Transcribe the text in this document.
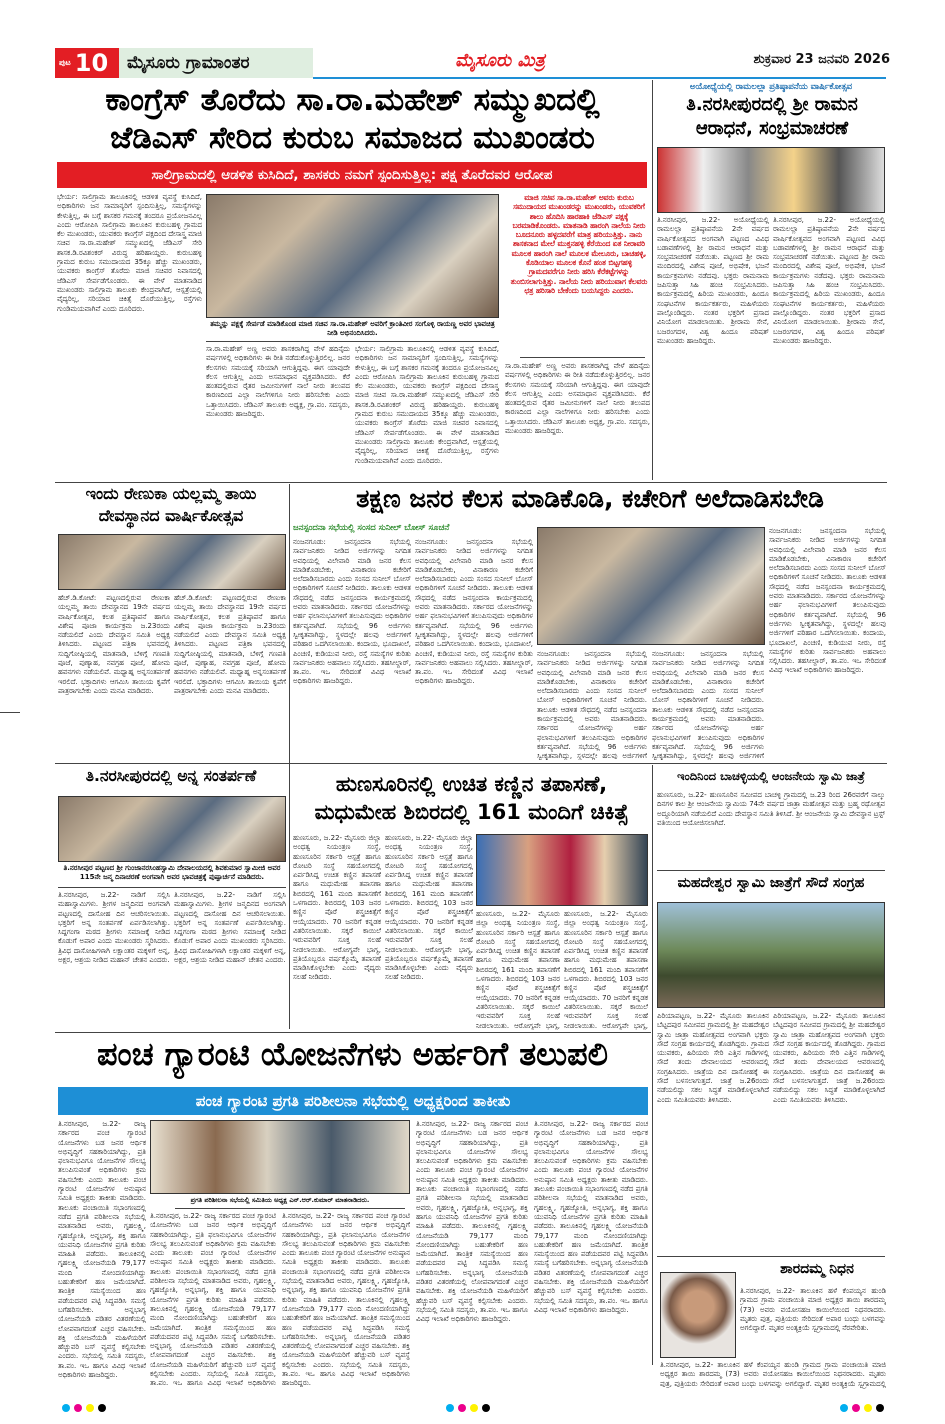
ಪುಟ 10	ಮೈಸೂರು ಗ್ರಾಮಾಂತರ	ಮೈಸೂರು ಮಿತ್ರ	ಶುಕ್ರವಾರ 23 ಜನವರಿ 2026
ಕಾಂಗ್ರೆಸ್ ತೊರೆದು ಸಾ.ರಾ.ಮಹೇಶ್ ಸಮ್ಮುಖದಲ್ಲಿ
ಜೆಡಿಎಸ್ ಸೇರಿದ ಕುರುಬ ಸಮಾಜದ ಮುಖಂಡರು
ಸಾಲಿಗ್ರಾಮದಲ್ಲಿ ಆಡಳಿತ ಕುಸಿದಿದೆ, ಶಾಸಕರು ನಮಗೆ ಸ್ಪಂದಿಸುತ್ತಿಲ್ಲ: ಪಕ್ಷ ತೊರೆದವರ ಆರೋಪ
ಭೇರ್ಯ: ಸಾಲಿಗ್ರಾಮ ತಾಲೂಕಿನಲ್ಲಿ ಆಡಳಿತ ವ್ಯವಸ್ಥೆ ಕುಸಿದಿದೆ, ಅಧಿಕಾರಿಗಳು ಜನ ಸಾಮಾನ್ಯರಿಗೆ ಸ್ಪಂದಿಸುತ್ತಿಲ್ಲ, ಸಮಸ್ಯೆಗಳನ್ನು ಕೇಳುತ್ತಿಲ್ಲ, ಈ ಬಗ್ಗೆ ಶಾಸಕರ ಗಮನಕ್ಕೆ ತಂದರೂ ಪ್ರಯೋಜನವಿಲ್ಲ ಎಂದು ಆರೋಪಿಸಿ ಸಾಲಿಗ್ರಾಮ ತಾಲೂಕಿನ ಕುರುಬಹಳ್ಳಿ ಗ್ರಾಮದ ಕೆಲ ಮುಖಂಡರು, ಯುವಕರು ಕಾಂಗ್ರೆಸ್ ಪಕ್ಷದಿಂದ ದೇಸಾಸ್ತ್ರ ಮಾಜಿ ಸಚಿವ ಸಾ.ರಾ.ಮಹೇಶ್ ಸಮ್ಮುಖದಲ್ಲಿ ಜೆಡಿಎಸ್ ಸೇರಿ ಶಾಸಕ.ಡಿ.ರವಿಶಂಕರ್ ವಿರುದ್ಧ ಹರಿಹಾಯ್ದರು. ಕುರುಬಹಳ್ಳಿ ಗ್ರಾಮದ ಕುರುಬ ಸಮುದಾಯದ 35ಕ್ಕೂ ಹೆಚ್ಚು ಮುಖಂಡರು, ಯುವಕರು ಕಾಂಗ್ರೆಸ್ ತೊರೆದು ಮಾಜಿ ಸಚಿವರ ನಿವಾಸದಲ್ಲಿ ಜೆಡಿಎಸ್ ಸೇರ್ಪಡೆಗೊಂಡರು. ಈ ವೇಳೆ ಮಾತನಾಡಿದ ಮುಖಂಡರು ಸಾಲಿಗ್ರಾಮ ತಾಲೂಕು ಕೇಂದ್ರವಾಗಿದೆ, ಆಸ್ಪತ್ರೆಯಲ್ಲಿ ವೈದ್ಯರಿಲ್ಲ, ಸರಿಯಾದ ಚಿಕಿತ್ಸೆ ದೊರೆಯುತ್ತಿಲ್ಲ, ರಸ್ತೆಗಳು ಗುಂಡಿಮಯವಾಗಿವೆ ಎಂದು ದೂರಿದರು.
ತಮ್ಮನ್ನು ಪಕ್ಷಕ್ಕೆ ಸೇರ್ಪಡೆ ಮಾಡಿಕೊಂಡ ಮಾಜಿ ಸಚಿವ ಸಾ.ರಾ.ಮಹೇಶ್ ಅವರಿಗೆ ಕ್ರಾಂತಿವೀರ ಸಂಗೊಳ್ಳಿ ರಾಯಣ್ಣ ಅವರ ಭಾವಚಿತ್ರ ನೀಡಿ ಅಭಿನಂದಿಸಿದರು.
ಸಾ.ರಾ.ಮಹೇಶ್ ಅಣ್ಣ ಅವರು ಶಾಸಕರಾಗಿದ್ದ ವೇಳೆ ಹದಿನೈದು ವರ್ಷಗಳಲ್ಲಿ ಅಧಿಕಾರಿಗಳು ಈ ರೀತಿ ನಡೆದುಕೊಳ್ಳುತ್ತಿರಲಿಲ್ಲ. ಜನರ ಕೆಲಸಗಳು ಸಮಯಕ್ಕೆ ಸರಿಯಾಗಿ ಆಗುತ್ತಿದ್ದವು. ಈಗ ಯಾವುದೇ ಕೆಲಸ ಆಗುತ್ತಿಲ್ಲ ಎಂದು ಅಸಮಾಧಾನ ವ್ಯಕ್ತಪಡಿಸಿದರು. ಕೆರೆ ಹಂತದಲ್ಲಿರುವ ರೈತರ ಜಮೀನುಗಳಿಗೆ ನಾಲೆ ನೀರು ತಲುಪದ ಕಾರಣದಿಂದ ಎಲ್ಲಾ ನಾಲೆಗಳಿಗೂ ನೀರು ಹರಿಸಬೇಕು ಎಂದು ಒತ್ತಾಯಿಸಿದರು. ಜೆಡಿಎಸ್ ತಾಲೂಕು ಅಧ್ಯಕ್ಷ, ಗ್ರಾ.ಪಂ. ಸದಸ್ಯರು, ಮುಖಂಡರು ಹಾಜರಿದ್ದರು.
ಭೇರ್ಯ: ಸಾಲಿಗ್ರಾಮ ತಾಲೂಕಿನಲ್ಲಿ ಆಡಳಿತ ವ್ಯವಸ್ಥೆ ಕುಸಿದಿದೆ, ಅಧಿಕಾರಿಗಳು ಜನ ಸಾಮಾನ್ಯರಿಗೆ ಸ್ಪಂದಿಸುತ್ತಿಲ್ಲ, ಸಮಸ್ಯೆಗಳನ್ನು ಕೇಳುತ್ತಿಲ್ಲ, ಈ ಬಗ್ಗೆ ಶಾಸಕರ ಗಮನಕ್ಕೆ ತಂದರೂ ಪ್ರಯೋಜನವಿಲ್ಲ ಎಂದು ಆರೋಪಿಸಿ ಸಾಲಿಗ್ರಾಮ ತಾಲೂಕಿನ ಕುರುಬಹಳ್ಳಿ ಗ್ರಾಮದ ಕೆಲ ಮುಖಂಡರು, ಯುವಕರು ಕಾಂಗ್ರೆಸ್ ಪಕ್ಷದಿಂದ ದೇಸಾಸ್ತ್ರ ಮಾಜಿ ಸಚಿವ ಸಾ.ರಾ.ಮಹೇಶ್ ಸಮ್ಮುಖದಲ್ಲಿ ಜೆಡಿಎಸ್ ಸೇರಿ ಶಾಸಕ.ಡಿ.ರವಿಶಂಕರ್ ವಿರುದ್ಧ ಹರಿಹಾಯ್ದರು. ಕುರುಬಹಳ್ಳಿ ಗ್ರಾಮದ ಕುರುಬ ಸಮುದಾಯದ 35ಕ್ಕೂ ಹೆಚ್ಚು ಮುಖಂಡರು, ಯುವಕರು ಕಾಂಗ್ರೆಸ್ ತೊರೆದು ಮಾಜಿ ಸಚಿವರ ನಿವಾಸದಲ್ಲಿ ಜೆಡಿಎಸ್ ಸೇರ್ಪಡೆಗೊಂಡರು. ಈ ವೇಳೆ ಮಾತನಾಡಿದ ಮುಖಂಡರು ಸಾಲಿಗ್ರಾಮ ತಾಲೂಕು ಕೇಂದ್ರವಾಗಿದೆ, ಆಸ್ಪತ್ರೆಯಲ್ಲಿ ವೈದ್ಯರಿಲ್ಲ, ಸರಿಯಾದ ಚಿಕಿತ್ಸೆ ದೊರೆಯುತ್ತಿಲ್ಲ, ರಸ್ತೆಗಳು ಗುಂಡಿಮಯವಾಗಿವೆ ಎಂದು ದೂರಿದರು.
ಮಾಜಿ ಸಚಿವ ಸಾ.ರಾ.ಮಹೇಶ್ ಅವರು ಕುರುಬ ಸಮುದಾಯದ ಮುಖಂಡರನ್ನು ಮುಖಂಡರು, ಯುವಕರಿಗೆ ಶಾಲು ಹೊದಿಸಿ ಹಾರಹಾಕಿ ಜೆಡಿಎಸ್ ಪಕ್ಷಕ್ಕೆ ಬರಮಾಡಿಕೊಂಡರು. ಮಾತನಾಡಿ ಹಾರಂಗಿ ನಾಲೆಯ ನೀರು ಬೂದನೂರು ಹಳ್ಳದವರೆಗೆ ಮಾತ್ರ ಹರಿಯುತ್ತಿತ್ತು. ನಾನು ಶಾಸಕನಾದ ಮೇಲೆ ಮುಕ್ತನಹಳ್ಳಿ ಕೆರೆಯಿಂದ ಏತ ನೀರಾವರಿ ಮೂಲಕ ಹಾರಂಗಿ ನಾಲೆ ಮೂಲಕ ಮೇಲೂರು, ಬಾಚಹಳ್ಳಿ, ಕೊಡಿಯಾಲ ಮೂಲಕ ಕೊನೆ ಹಂತ ಬಿಟ್ಟಗಹಳ್ಳಿ ಗ್ರಾಮದವರೆಗೂ ನೀರು ಹರಿಸಿ ಕೆರೆಕಟ್ಟೆಗಳನ್ನು ತುಂಬಿಸಲಾಗುತ್ತಿತ್ತು. ನಾಲೆಯ ನೀರು ಹರಿಯುವಾಗ ಕೆಲವರು ಛತ್ರ ಹರಿಸಾರಿ ಬೇಕೆಂದು ಬಯಸಿದ್ದರು ಎಂದರು.
ಸಾ.ರಾ.ಮಹೇಶ್ ಅಣ್ಣ ಅವರು ಶಾಸಕರಾಗಿದ್ದ ವೇಳೆ ಹದಿನೈದು ವರ್ಷಗಳಲ್ಲಿ ಅಧಿಕಾರಿಗಳು ಈ ರೀತಿ ನಡೆದುಕೊಳ್ಳುತ್ತಿರಲಿಲ್ಲ. ಜನರ ಕೆಲಸಗಳು ಸಮಯಕ್ಕೆ ಸರಿಯಾಗಿ ಆಗುತ್ತಿದ್ದವು. ಈಗ ಯಾವುದೇ ಕೆಲಸ ಆಗುತ್ತಿಲ್ಲ ಎಂದು ಅಸಮಾಧಾನ ವ್ಯಕ್ತಪಡಿಸಿದರು. ಕೆರೆ ಹಂತದಲ್ಲಿರುವ ರೈತರ ಜಮೀನುಗಳಿಗೆ ನಾಲೆ ನೀರು ತಲುಪದ ಕಾರಣದಿಂದ ಎಲ್ಲಾ ನಾಲೆಗಳಿಗೂ ನೀರು ಹರಿಸಬೇಕು ಎಂದು ಒತ್ತಾಯಿಸಿದರು. ಜೆಡಿಎಸ್ ತಾಲೂಕು ಅಧ್ಯಕ್ಷ, ಗ್ರಾ.ಪಂ. ಸದಸ್ಯರು, ಮುಖಂಡರು ಹಾಜರಿದ್ದರು.
ಅಯೋಧ್ಯೆಯಲ್ಲಿ ರಾಮಲಲ್ಲಾ ಪ್ರತಿಷ್ಠಾಪನೆಯ ವಾರ್ಷಿಕೋತ್ಸವ
ತಿ.ನರಸೀಪುರದಲ್ಲಿ ಶ್ರೀ ರಾಮನ
ಆರಾಧನೆ, ಸಂಭ್ರಮಾಚರಣೆ
ತಿ.ನರಸೀಪುರ, ಜ.22- ಅಯೋಧ್ಯೆಯಲ್ಲಿ ರಾಮಲಲ್ಲಾ ಪ್ರತಿಷ್ಠಾಪನೆಯ 2ನೇ ವರ್ಷದ ವಾರ್ಷಿಕೋತ್ಸವದ ಅಂಗವಾಗಿ ಪಟ್ಟಣದ ವಿವಿಧ ಬಡಾವಣೆಗಳಲ್ಲಿ ಶ್ರೀ ರಾಮನ ಆರಾಧನೆ ಮತ್ತು ಸಂಭ್ರಮಾಚರಣೆ ನಡೆಯಿತು. ಪಟ್ಟಣದ ಶ್ರೀ ರಾಮ ಮಂದಿರದಲ್ಲಿ ವಿಶೇಷ ಪೂಜೆ, ಅಭಿಷೇಕ, ಭಜನೆ ಕಾರ್ಯಕ್ರಮಗಳು ನಡೆದವು. ಭಕ್ತರು ರಾಮನಾಮ ಜಪಿಸುತ್ತಾ ಸಿಹಿ ಹಂಚಿ ಸಂಭ್ರಮಿಸಿದರು. ಕಾರ್ಯಕ್ರಮದಲ್ಲಿ ಹಿರಿಯ ಮುಖಂಡರು, ಹಿಂದೂ ಸಂಘಟನೆಗಳ ಕಾರ್ಯಕರ್ತರು, ಮಹಿಳೆಯರು ಪಾಲ್ಗೊಂಡಿದ್ದರು. ನಂತರ ಭಕ್ತರಿಗೆ ಪ್ರಸಾದ ವಿನಿಯೋಗ ಮಾಡಲಾಯಿತು. ಶ್ರೀರಾಮ ಸೇನೆ, ಬಜರಂಗದಳ, ವಿಶ್ವ ಹಿಂದೂ ಪರಿಷತ್ ಮುಖಂಡರು ಹಾಜರಿದ್ದರು.
ತಿ.ನರಸೀಪುರ, ಜ.22- ಅಯೋಧ್ಯೆಯಲ್ಲಿ ರಾಮಲಲ್ಲಾ ಪ್ರತಿಷ್ಠಾಪನೆಯ 2ನೇ ವರ್ಷದ ವಾರ್ಷಿಕೋತ್ಸವದ ಅಂಗವಾಗಿ ಪಟ್ಟಣದ ವಿವಿಧ ಬಡಾವಣೆಗಳಲ್ಲಿ ಶ್ರೀ ರಾಮನ ಆರಾಧನೆ ಮತ್ತು ಸಂಭ್ರಮಾಚರಣೆ ನಡೆಯಿತು. ಪಟ್ಟಣದ ಶ್ರೀ ರಾಮ ಮಂದಿರದಲ್ಲಿ ವಿಶೇಷ ಪೂಜೆ, ಅಭಿಷೇಕ, ಭಜನೆ ಕಾರ್ಯಕ್ರಮಗಳು ನಡೆದವು. ಭಕ್ತರು ರಾಮನಾಮ ಜಪಿಸುತ್ತಾ ಸಿಹಿ ಹಂಚಿ ಸಂಭ್ರಮಿಸಿದರು. ಕಾರ್ಯಕ್ರಮದಲ್ಲಿ ಹಿರಿಯ ಮುಖಂಡರು, ಹಿಂದೂ ಸಂಘಟನೆಗಳ ಕಾರ್ಯಕರ್ತರು, ಮಹಿಳೆಯರು ಪಾಲ್ಗೊಂಡಿದ್ದರು. ನಂತರ ಭಕ್ತರಿಗೆ ಪ್ರಸಾದ ವಿನಿಯೋಗ ಮಾಡಲಾಯಿತು. ಶ್ರೀರಾಮ ಸೇನೆ, ಬಜರಂಗದಳ, ವಿಶ್ವ ಹಿಂದೂ ಪರಿಷತ್ ಮುಖಂಡರು ಹಾಜರಿದ್ದರು.
ಇಂದು ರೇಣುಕಾ ಯಲ್ಲಮ್ಮ ತಾಯಿ
ದೇವಸ್ಥಾನದ ವಾರ್ಷಿಕೋತ್ಸವ
ಹೆಚ್.ಡಿ.ಕೋಟೆ: ಪಟ್ಟಣದಲ್ಲಿರುವ ರೇಣುಕಾ ಯಲ್ಲಮ್ಮ ತಾಯಿ ದೇವಸ್ಥಾನದ 19ನೇ ವರ್ಷದ ವಾರ್ಷಿಕೋತ್ಸವ, ಕಲಶ ಪ್ರತಿಷ್ಠಾಪನೆ ಹಾಗೂ ವಿಶೇಷ ಪೂಜಾ ಕಾರ್ಯಕ್ರಮ ಜ.23ರಂದು ನಡೆಯಲಿದೆ ಎಂದು ದೇವಸ್ಥಾನ ಸಮಿತಿ ಅಧ್ಯಕ್ಷ ತಿಳಿಸಿದರು. ಪಟ್ಟಣದ ಪತ್ರಿಕಾ ಭವನದಲ್ಲಿ ಸುದ್ದಿಗೋಷ್ಠಿಯಲ್ಲಿ ಮಾತನಾಡಿ, ಬೆಳಿಗ್ಗೆ ಗಣಪತಿ ಪೂಜೆ, ಪುಣ್ಯಾಹ, ನವಗ್ರಹ ಪೂಜೆ, ಹೋಮ ಹವನಗಳು ನಡೆಯಲಿವೆ. ಮಧ್ಯಾಹ್ನ ಅನ್ನಸಂತರ್ಪಣೆ ಇರಲಿದೆ. ಭಕ್ತಾದಿಗಳು ಆಗಮಿಸಿ ತಾಯಿಯ ಕೃಪೆಗೆ ಪಾತ್ರರಾಗಬೇಕು ಎಂದು ಮನವಿ ಮಾಡಿದರು.
ಹೆಚ್.ಡಿ.ಕೋಟೆ: ಪಟ್ಟಣದಲ್ಲಿರುವ ರೇಣುಕಾ ಯಲ್ಲಮ್ಮ ತಾಯಿ ದೇವಸ್ಥಾನದ 19ನೇ ವರ್ಷದ ವಾರ್ಷಿಕೋತ್ಸವ, ಕಲಶ ಪ್ರತಿಷ್ಠಾಪನೆ ಹಾಗೂ ವಿಶೇಷ ಪೂಜಾ ಕಾರ್ಯಕ್ರಮ ಜ.23ರಂದು ನಡೆಯಲಿದೆ ಎಂದು ದೇವಸ್ಥಾನ ಸಮಿತಿ ಅಧ್ಯಕ್ಷ ತಿಳಿಸಿದರು. ಪಟ್ಟಣದ ಪತ್ರಿಕಾ ಭವನದಲ್ಲಿ ಸುದ್ದಿಗೋಷ್ಠಿಯಲ್ಲಿ ಮಾತನಾಡಿ, ಬೆಳಿಗ್ಗೆ ಗಣಪತಿ ಪೂಜೆ, ಪುಣ್ಯಾಹ, ನವಗ್ರಹ ಪೂಜೆ, ಹೋಮ ಹವನಗಳು ನಡೆಯಲಿವೆ. ಮಧ್ಯಾಹ್ನ ಅನ್ನಸಂತರ್ಪಣೆ ಇರಲಿದೆ. ಭಕ್ತಾದಿಗಳು ಆಗಮಿಸಿ ತಾಯಿಯ ಕೃಪೆಗೆ ಪಾತ್ರರಾಗಬೇಕು ಎಂದು ಮನವಿ ಮಾಡಿದರು.
ತಕ್ಷಣ ಜನರ ಕೆಲಸ ಮಾಡಿಕೊಡಿ, ಕಚೇರಿಗೆ ಅಲೆದಾಡಿಸಬೇಡಿ
ಜನಸ್ಪಂದನಾ ಸಭೆಯಲ್ಲಿ ಸಂಸದ ಸುನೀಲ್ ಬೋಸ್ ಸೂಚನೆ
ನಂಜನಗೂಡು: ಜನಸ್ಪಂದನಾ ಸಭೆಯಲ್ಲಿ ಸಾರ್ವಜನಿಕರು ನೀಡಿದ ಅರ್ಜಿಗಳನ್ನು ನಿಗದಿತ ಅವಧಿಯಲ್ಲಿ ವಿಲೇವಾರಿ ಮಾಡಿ ಜನರ ಕೆಲಸ ಮಾಡಿಕೊಡಬೇಕು, ವಿನಾಕಾರಣ ಕಚೇರಿಗೆ ಅಲೆದಾಡಿಸಬಾರದು ಎಂದು ಸಂಸದ ಸುನೀಲ್ ಬೋಸ್ ಅಧಿಕಾರಿಗಳಿಗೆ ಸೂಚನೆ ನೀಡಿದರು. ತಾಲೂಕು ಆಡಳಿತ ಸೌಧದಲ್ಲಿ ನಡೆದ ಜನಸ್ಪಂದನಾ ಕಾರ್ಯಕ್ರಮದಲ್ಲಿ ಅವರು ಮಾತನಾಡಿದರು. ಸರ್ಕಾರದ ಯೋಜನೆಗಳನ್ನು ಅರ್ಹ ಫಲಾನುಭವಿಗಳಿಗೆ ತಲುಪಿಸುವುದು ಅಧಿಕಾರಿಗಳ ಕರ್ತವ್ಯವಾಗಿದೆ. ಸಭೆಯಲ್ಲಿ 96 ಅರ್ಜಿಗಳು ಸ್ವೀಕೃತವಾಗಿದ್ದು, ಸ್ಥಳದಲ್ಲೇ ಹಲವು ಅರ್ಜಿಗಳಿಗೆ ಪರಿಹಾರ ಒದಗಿಸಲಾಯಿತು. ಕಂದಾಯ, ಭೂದಾಖಲೆ, ಪಿಂಚಣಿ, ಕುಡಿಯುವ ನೀರು, ರಸ್ತೆ ಸಮಸ್ಯೆಗಳ ಕುರಿತು ಸಾರ್ವಜನಿಕರು ಅಹವಾಲು ಸಲ್ಲಿಸಿದರು. ತಹಸೀಲ್ದಾರ್, ತಾ.ಪಂ. ಇಒ ಸೇರಿದಂತೆ ವಿವಿಧ ಇಲಾಖೆ ಅಧಿಕಾರಿಗಳು ಹಾಜರಿದ್ದರು.
ನಂಜನಗೂಡು: ಜನಸ್ಪಂದನಾ ಸಭೆಯಲ್ಲಿ ಸಾರ್ವಜನಿಕರು ನೀಡಿದ ಅರ್ಜಿಗಳನ್ನು ನಿಗದಿತ ಅವಧಿಯಲ್ಲಿ ವಿಲೇವಾರಿ ಮಾಡಿ ಜನರ ಕೆಲಸ ಮಾಡಿಕೊಡಬೇಕು, ವಿನಾಕಾರಣ ಕಚೇರಿಗೆ ಅಲೆದಾಡಿಸಬಾರದು ಎಂದು ಸಂಸದ ಸುನೀಲ್ ಬೋಸ್ ಅಧಿಕಾರಿಗಳಿಗೆ ಸೂಚನೆ ನೀಡಿದರು. ತಾಲೂಕು ಆಡಳಿತ ಸೌಧದಲ್ಲಿ ನಡೆದ ಜನಸ್ಪಂದನಾ ಕಾರ್ಯಕ್ರಮದಲ್ಲಿ ಅವರು ಮಾತನಾಡಿದರು. ಸರ್ಕಾರದ ಯೋಜನೆಗಳನ್ನು ಅರ್ಹ ಫಲಾನುಭವಿಗಳಿಗೆ ತಲುಪಿಸುವುದು ಅಧಿಕಾರಿಗಳ ಕರ್ತವ್ಯವಾಗಿದೆ. ಸಭೆಯಲ್ಲಿ 96 ಅರ್ಜಿಗಳು ಸ್ವೀಕೃತವಾಗಿದ್ದು, ಸ್ಥಳದಲ್ಲೇ ಹಲವು ಅರ್ಜಿಗಳಿಗೆ ಪರಿಹಾರ ಒದಗಿಸಲಾಯಿತು. ಕಂದಾಯ, ಭೂದಾಖಲೆ, ಪಿಂಚಣಿ, ಕುಡಿಯುವ ನೀರು, ರಸ್ತೆ ಸಮಸ್ಯೆಗಳ ಕುರಿತು ಸಾರ್ವಜನಿಕರು ಅಹವಾಲು ಸಲ್ಲಿಸಿದರು. ತಹಸೀಲ್ದಾರ್, ತಾ.ಪಂ. ಇಒ ಸೇರಿದಂತೆ ವಿವಿಧ ಇಲಾಖೆ ಅಧಿಕಾರಿಗಳು ಹಾಜರಿದ್ದರು.
ನಂಜನಗೂಡು: ಜನಸ್ಪಂದನಾ ಸಭೆಯಲ್ಲಿ ಸಾರ್ವಜನಿಕರು ನೀಡಿದ ಅರ್ಜಿಗಳನ್ನು ನಿಗದಿತ ಅವಧಿಯಲ್ಲಿ ವಿಲೇವಾರಿ ಮಾಡಿ ಜನರ ಕೆಲಸ ಮಾಡಿಕೊಡಬೇಕು, ವಿನಾಕಾರಣ ಕಚೇರಿಗೆ ಅಲೆದಾಡಿಸಬಾರದು ಎಂದು ಸಂಸದ ಸುನೀಲ್ ಬೋಸ್ ಅಧಿಕಾರಿಗಳಿಗೆ ಸೂಚನೆ ನೀಡಿದರು. ತಾಲೂಕು ಆಡಳಿತ ಸೌಧದಲ್ಲಿ ನಡೆದ ಜನಸ್ಪಂದನಾ ಕಾರ್ಯಕ್ರಮದಲ್ಲಿ ಅವರು ಮಾತನಾಡಿದರು. ಸರ್ಕಾರದ ಯೋಜನೆಗಳನ್ನು ಅರ್ಹ ಫಲಾನುಭವಿಗಳಿಗೆ ತಲುಪಿಸುವುದು ಅಧಿಕಾರಿಗಳ ಕರ್ತವ್ಯವಾಗಿದೆ. ಸಭೆಯಲ್ಲಿ 96 ಅರ್ಜಿಗಳು ಸ್ವೀಕೃತವಾಗಿದ್ದು, ಸ್ಥಳದಲ್ಲೇ ಹಲವು ಅರ್ಜಿಗಳಿಗೆ
ನಂಜನಗೂಡು: ಜನಸ್ಪಂದನಾ ಸಭೆಯಲ್ಲಿ ಸಾರ್ವಜನಿಕರು ನೀಡಿದ ಅರ್ಜಿಗಳನ್ನು ನಿಗದಿತ ಅವಧಿಯಲ್ಲಿ ವಿಲೇವಾರಿ ಮಾಡಿ ಜನರ ಕೆಲಸ ಮಾಡಿಕೊಡಬೇಕು, ವಿನಾಕಾರಣ ಕಚೇರಿಗೆ ಅಲೆದಾಡಿಸಬಾರದು ಎಂದು ಸಂಸದ ಸುನೀಲ್ ಬೋಸ್ ಅಧಿಕಾರಿಗಳಿಗೆ ಸೂಚನೆ ನೀಡಿದರು. ತಾಲೂಕು ಆಡಳಿತ ಸೌಧದಲ್ಲಿ ನಡೆದ ಜನಸ್ಪಂದನಾ ಕಾರ್ಯಕ್ರಮದಲ್ಲಿ ಅವರು ಮಾತನಾಡಿದರು. ಸರ್ಕಾರದ ಯೋಜನೆಗಳನ್ನು ಅರ್ಹ ಫಲಾನುಭವಿಗಳಿಗೆ ತಲುಪಿಸುವುದು ಅಧಿಕಾರಿಗಳ ಕರ್ತವ್ಯವಾಗಿದೆ. ಸಭೆಯಲ್ಲಿ 96 ಅರ್ಜಿಗಳು ಸ್ವೀಕೃತವಾಗಿದ್ದು, ಸ್ಥಳದಲ್ಲೇ ಹಲವು ಅರ್ಜಿಗಳಿಗೆ
ನಂಜನಗೂಡು: ಜನಸ್ಪಂದನಾ ಸಭೆಯಲ್ಲಿ ಸಾರ್ವಜನಿಕರು ನೀಡಿದ ಅರ್ಜಿಗಳನ್ನು ನಿಗದಿತ ಅವಧಿಯಲ್ಲಿ ವಿಲೇವಾರಿ ಮಾಡಿ ಜನರ ಕೆಲಸ ಮಾಡಿಕೊಡಬೇಕು, ವಿನಾಕಾರಣ ಕಚೇರಿಗೆ ಅಲೆದಾಡಿಸಬಾರದು ಎಂದು ಸಂಸದ ಸುನೀಲ್ ಬೋಸ್ ಅಧಿಕಾರಿಗಳಿಗೆ ಸೂಚನೆ ನೀಡಿದರು. ತಾಲೂಕು ಆಡಳಿತ ಸೌಧದಲ್ಲಿ ನಡೆದ ಜನಸ್ಪಂದನಾ ಕಾರ್ಯಕ್ರಮದಲ್ಲಿ ಅವರು ಮಾತನಾಡಿದರು. ಸರ್ಕಾರದ ಯೋಜನೆಗಳನ್ನು ಅರ್ಹ ಫಲಾನುಭವಿಗಳಿಗೆ ತಲುಪಿಸುವುದು ಅಧಿಕಾರಿಗಳ ಕರ್ತವ್ಯವಾಗಿದೆ. ಸಭೆಯಲ್ಲಿ 96 ಅರ್ಜಿಗಳು ಸ್ವೀಕೃತವಾಗಿದ್ದು, ಸ್ಥಳದಲ್ಲೇ ಹಲವು ಅರ್ಜಿಗಳಿಗೆ ಪರಿಹಾರ ಒದಗಿಸಲಾಯಿತು. ಕಂದಾಯ, ಭೂದಾಖಲೆ, ಪಿಂಚಣಿ, ಕುಡಿಯುವ ನೀರು, ರಸ್ತೆ ಸಮಸ್ಯೆಗಳ ಕುರಿತು ಸಾರ್ವಜನಿಕರು ಅಹವಾಲು ಸಲ್ಲಿಸಿದರು. ತಹಸೀಲ್ದಾರ್, ತಾ.ಪಂ. ಇಒ ಸೇರಿದಂತೆ ವಿವಿಧ ಇಲಾಖೆ ಅಧಿಕಾರಿಗಳು ಹಾಜರಿದ್ದರು.
ತಿ.ನರಸೀಪುರದಲ್ಲಿ ಅನ್ನ ಸಂತರ್ಪಣೆ
ತಿ.ನರಸೀಪುರ ಪಟ್ಟಣದ ಶ್ರೀ ಗುಂಜಾನರಸಿಂಹಸ್ವಾಮಿ ದೇವಾಲಯದಲ್ಲಿ ಶಿವಕುಮಾರ ಸ್ವಾಮೀಜಿ ಅವರ 115ನೇ ಜನ್ಮ ದಿನಾಚರಣೆ ಅಂಗವಾಗಿ ಅವರ ಭಾವಚಿತ್ರಕ್ಕೆ ಪುಷ್ಪಾರ್ಚನೆ ಮಾಡಿದರು.
ತಿ.ನರಸೀಪುರ, ಜ.22- ನಾಡಿಗೆ ಸಲ್ಲಿಸಿ ಮಹಾಸ್ವಾಮಿಗಳು. ಶ್ರೀಗಳ ಜನ್ಮದಿನದ ಅಂಗವಾಗಿ ಪಟ್ಟಣದಲ್ಲಿ ದಾಸೋಹ ದಿನ ಆಚರಿಸಲಾಯಿತು. ಭಕ್ತರಿಗೆ ಅನ್ನ ಸಂತರ್ಪಣೆ ಏರ್ಪಡಿಸಲಾಗಿತ್ತು. ಸಿದ್ದಗಂಗಾ ಮಠದ ಶ್ರೀಗಳು ಸಮಾಜಕ್ಕೆ ನೀಡಿದ ಕೊಡುಗೆ ಅಪಾರ ಎಂದು ಮುಖಂಡರು ಸ್ಮರಿಸಿದರು. ತ್ರಿವಿಧ ದಾಸೋಹಿಗಳಾಗಿ ಲಕ್ಷಾಂತರ ಮಕ್ಕಳಿಗೆ ಅನ್ನ, ಅಕ್ಷರ, ಆಶ್ರಯ ನೀಡಿದ ಮಹಾನ್ ಚೇತನ ಎಂದರು.
ತಿ.ನರಸೀಪುರ, ಜ.22- ನಾಡಿಗೆ ಸಲ್ಲಿಸಿ ಮಹಾಸ್ವಾಮಿಗಳು. ಶ್ರೀಗಳ ಜನ್ಮದಿನದ ಅಂಗವಾಗಿ ಪಟ್ಟಣದಲ್ಲಿ ದಾಸೋಹ ದಿನ ಆಚರಿಸಲಾಯಿತು. ಭಕ್ತರಿಗೆ ಅನ್ನ ಸಂತರ್ಪಣೆ ಏರ್ಪಡಿಸಲಾಗಿತ್ತು. ಸಿದ್ದಗಂಗಾ ಮಠದ ಶ್ರೀಗಳು ಸಮಾಜಕ್ಕೆ ನೀಡಿದ ಕೊಡುಗೆ ಅಪಾರ ಎಂದು ಮುಖಂಡರು ಸ್ಮರಿಸಿದರು. ತ್ರಿವಿಧ ದಾಸೋಹಿಗಳಾಗಿ ಲಕ್ಷಾಂತರ ಮಕ್ಕಳಿಗೆ ಅನ್ನ, ಅಕ್ಷರ, ಆಶ್ರಯ ನೀಡಿದ ಮಹಾನ್ ಚೇತನ ಎಂದರು.
ಹುಣಸೂರಿನಲ್ಲಿ ಉಚಿತ ಕಣ್ಣಿನ ತಪಾಸಣೆ,
ಮಧುಮೇಹ ಶಿಬಿರದಲ್ಲಿ 161 ಮಂದಿಗೆ ಚಿಕಿತ್ಸೆ
ಹುಣಸೂರು, ಜ.22- ಮೈಸೂರು ಜಿಲ್ಲಾ ಅಂಧತ್ವ ನಿಯಂತ್ರಣ ಸಂಸ್ಥೆ, ಹುಣಸೂರಿನ ಸರ್ಕಾರಿ ಆಸ್ಪತ್ರೆ ಹಾಗೂ ರೋಟರಿ ಸಂಸ್ಥೆ ಸಹಯೋಗದಲ್ಲಿ ಏರ್ಪಡಿಸಿದ್ದ ಉಚಿತ ಕಣ್ಣಿನ ತಪಾಸಣೆ ಹಾಗೂ ಮಧುಮೇಹ ತಪಾಸಣಾ ಶಿಬಿರದಲ್ಲಿ 161 ಮಂದಿ ತಪಾಸಣೆಗೆ ಒಳಗಾದರು. ಶಿಬಿರದಲ್ಲಿ 103 ಜನರ ಕಣ್ಣಿನ ಪೊರೆ ಶಸ್ತ್ರಚಿಕಿತ್ಸೆಗೆ ಆಯ್ಕೆಯಾದರು. 70 ಜನರಿಗೆ ಕನ್ನಡಕ ವಿತರಿಸಲಾಯಿತು. ಸಕ್ಕರೆ ಕಾಯಿಲೆ ಇರುವವರಿಗೆ ಸೂಕ್ತ ಸಲಹೆ ನೀಡಲಾಯಿತು. ಆರೋಗ್ಯವೇ ಭಾಗ್ಯ, ಪ್ರತಿಯೊಬ್ಬರೂ ವರ್ಷಕ್ಕೊಮ್ಮೆ ತಪಾಸಣೆ ಮಾಡಿಸಿಕೊಳ್ಳಬೇಕು ಎಂದು ವೈದ್ಯರು ಸಲಹೆ ನೀಡಿದರು.
ಹುಣಸೂರು, ಜ.22- ಮೈಸೂರು ಜಿಲ್ಲಾ ಅಂಧತ್ವ ನಿಯಂತ್ರಣ ಸಂಸ್ಥೆ, ಹುಣಸೂರಿನ ಸರ್ಕಾರಿ ಆಸ್ಪತ್ರೆ ಹಾಗೂ ರೋಟರಿ ಸಂಸ್ಥೆ ಸಹಯೋಗದಲ್ಲಿ ಏರ್ಪಡಿಸಿದ್ದ ಉಚಿತ ಕಣ್ಣಿನ ತಪಾಸಣೆ ಹಾಗೂ ಮಧುಮೇಹ ತಪಾಸಣಾ ಶಿಬಿರದಲ್ಲಿ 161 ಮಂದಿ ತಪಾಸಣೆಗೆ ಒಳಗಾದರು. ಶಿಬಿರದಲ್ಲಿ 103 ಜನರ ಕಣ್ಣಿನ ಪೊರೆ ಶಸ್ತ್ರಚಿಕಿತ್ಸೆಗೆ ಆಯ್ಕೆಯಾದರು. 70 ಜನರಿಗೆ ಕನ್ನಡಕ ವಿತರಿಸಲಾಯಿತು. ಸಕ್ಕರೆ ಕಾಯಿಲೆ ಇರುವವರಿಗೆ ಸೂಕ್ತ ಸಲಹೆ ನೀಡಲಾಯಿತು. ಆರೋಗ್ಯವೇ ಭಾಗ್ಯ, ಪ್ರತಿಯೊಬ್ಬರೂ ವರ್ಷಕ್ಕೊಮ್ಮೆ ತಪಾಸಣೆ ಮಾಡಿಸಿಕೊಳ್ಳಬೇಕು ಎಂದು ವೈದ್ಯರು ಸಲಹೆ ನೀಡಿದರು.
ಹುಣಸೂರು, ಜ.22- ಮೈಸೂರು ಜಿಲ್ಲಾ ಅಂಧತ್ವ ನಿಯಂತ್ರಣ ಸಂಸ್ಥೆ, ಹುಣಸೂರಿನ ಸರ್ಕಾರಿ ಆಸ್ಪತ್ರೆ ಹಾಗೂ ರೋಟರಿ ಸಂಸ್ಥೆ ಸಹಯೋಗದಲ್ಲಿ ಏರ್ಪಡಿಸಿದ್ದ ಉಚಿತ ಕಣ್ಣಿನ ತಪಾಸಣೆ ಹಾಗೂ ಮಧುಮೇಹ ತಪಾಸಣಾ ಶಿಬಿರದಲ್ಲಿ 161 ಮಂದಿ ತಪಾಸಣೆಗೆ ಒಳಗಾದರು. ಶಿಬಿರದಲ್ಲಿ 103 ಜನರ ಕಣ್ಣಿನ ಪೊರೆ ಶಸ್ತ್ರಚಿಕಿತ್ಸೆಗೆ ಆಯ್ಕೆಯಾದರು. 70 ಜನರಿಗೆ ಕನ್ನಡಕ ವಿತರಿಸಲಾಯಿತು. ಸಕ್ಕರೆ ಕಾಯಿಲೆ ಇರುವವರಿಗೆ ಸೂಕ್ತ ಸಲಹೆ ನೀಡಲಾಯಿತು. ಆರೋಗ್ಯವೇ ಭಾಗ್ಯ,
ಹುಣಸೂರು, ಜ.22- ಮೈಸೂರು ಜಿಲ್ಲಾ ಅಂಧತ್ವ ನಿಯಂತ್ರಣ ಸಂಸ್ಥೆ, ಹುಣಸೂರಿನ ಸರ್ಕಾರಿ ಆಸ್ಪತ್ರೆ ಹಾಗೂ ರೋಟರಿ ಸಂಸ್ಥೆ ಸಹಯೋಗದಲ್ಲಿ ಏರ್ಪಡಿಸಿದ್ದ ಉಚಿತ ಕಣ್ಣಿನ ತಪಾಸಣೆ ಹಾಗೂ ಮಧುಮೇಹ ತಪಾಸಣಾ ಶಿಬಿರದಲ್ಲಿ 161 ಮಂದಿ ತಪಾಸಣೆಗೆ ಒಳಗಾದರು. ಶಿಬಿರದಲ್ಲಿ 103 ಜನರ ಕಣ್ಣಿನ ಪೊರೆ ಶಸ್ತ್ರಚಿಕಿತ್ಸೆಗೆ ಆಯ್ಕೆಯಾದರು. 70 ಜನರಿಗೆ ಕನ್ನಡಕ ವಿತರಿಸಲಾಯಿತು. ಸಕ್ಕರೆ ಕಾಯಿಲೆ ಇರುವವರಿಗೆ ಸೂಕ್ತ ಸಲಹೆ ನೀಡಲಾಯಿತು. ಆರೋಗ್ಯವೇ ಭಾಗ್ಯ,
ಇಂದಿನಿಂದ ಬಾಚಳ್ಳಿಯಲ್ಲಿ ಆಂಜನೇಯ ಸ್ವಾಮಿ ಜಾತ್ರೆ
ಹುಣಸೂರು, ಜ.22- ಹುಣಸೂರಿನ ಸಮೀಪದ ಬಾಚಳ್ಳಿ ಗ್ರಾಮದಲ್ಲಿ ಜ.23 ರಿಂದ 26ರವರೆಗೆ ನಾಲ್ಕು ದಿನಗಳ ಕಾಲ ಶ್ರೀ ಆಂಜನೇಯ ಸ್ವಾಮಿಯ 74ನೇ ವರ್ಷದ ಜಾತ್ರಾ ಮಹೋತ್ಸವ ಮತ್ತು ಬ್ರಹ್ಮ ರಥೋತ್ಸವ ಅದ್ದೂರಿಯಾಗಿ ನಡೆಯಲಿದೆ ಎಂದು ದೇವಸ್ಥಾನ ಸಮಿತಿ ತಿಳಿಸಿದೆ. ಶ್ರೀ ಆಂಜನೇಯ ಸ್ವಾಮಿ ದೇವಸ್ಥಾನ ಟ್ರಸ್ಟ್ ವತಿಯಿಂದ ಆಯೋಜಿಸಲಾಗಿದೆ.
ಮಹದೇಶ್ವರ ಸ್ವಾಮಿ ಜಾತ್ರೆಗೆ ಸೌದೆ ಸಂಗ್ರಹ
ಪಿರಿಯಾಪಟ್ಟಣ, ಜ.22- ಮೈಸೂರು ತಾಲೂಕಿನ ಬೆಟ್ಟದಪುರ ಸಮೀಪದ ಗ್ರಾಮದಲ್ಲಿ ಶ್ರೀ ಮಹದೇಶ್ವರ ಸ್ವಾಮಿ ಜಾತ್ರಾ ಮಹೋತ್ಸವದ ಅಂಗವಾಗಿ ಭಕ್ತರು ಸೌದೆ ಸಂಗ್ರಹ ಕಾರ್ಯದಲ್ಲಿ ತೊಡಗಿದ್ದರು. ಗ್ರಾಮದ ಯುವಕರು, ಹಿರಿಯರು ಸೇರಿ ಎತ್ತಿನ ಗಾಡಿಗಳಲ್ಲಿ ಸೌದೆ ತಂದು ದೇವಾಲಯದ ಆವರಣದಲ್ಲಿ ಸಂಗ್ರಹಿಸಿದರು. ಜಾತ್ರೆಯ ದಿನ ದಾಸೋಹಕ್ಕೆ ಈ ಸೌದೆ ಬಳಸಲಾಗುತ್ತದೆ. ಜಾತ್ರೆ ಜ.26ರಂದು ನಡೆಯಲಿದ್ದು ಸಕಲ ಸಿದ್ಧತೆ ಮಾಡಿಕೊಳ್ಳಲಾಗಿದೆ ಎಂದು ಸಮಿತಿಯವರು ತಿಳಿಸಿದರು.
ಪಿರಿಯಾಪಟ್ಟಣ, ಜ.22- ಮೈಸೂರು ತಾಲೂಕಿನ ಬೆಟ್ಟದಪುರ ಸಮೀಪದ ಗ್ರಾಮದಲ್ಲಿ ಶ್ರೀ ಮಹದೇಶ್ವರ ಸ್ವಾಮಿ ಜಾತ್ರಾ ಮಹೋತ್ಸವದ ಅಂಗವಾಗಿ ಭಕ್ತರು ಸೌದೆ ಸಂಗ್ರಹ ಕಾರ್ಯದಲ್ಲಿ ತೊಡಗಿದ್ದರು. ಗ್ರಾಮದ ಯುವಕರು, ಹಿರಿಯರು ಸೇರಿ ಎತ್ತಿನ ಗಾಡಿಗಳಲ್ಲಿ ಸೌದೆ ತಂದು ದೇವಾಲಯದ ಆವರಣದಲ್ಲಿ ಸಂಗ್ರಹಿಸಿದರು. ಜಾತ್ರೆಯ ದಿನ ದಾಸೋಹಕ್ಕೆ ಈ ಸೌದೆ ಬಳಸಲಾಗುತ್ತದೆ. ಜಾತ್ರೆ ಜ.26ರಂದು ನಡೆಯಲಿದ್ದು ಸಕಲ ಸಿದ್ಧತೆ ಮಾಡಿಕೊಳ್ಳಲಾಗಿದೆ ಎಂದು ಸಮಿತಿಯವರು ತಿಳಿಸಿದರು.
ಶಾರದಮ್ಮ ನಿಧನ
ತಿ.ನರಸೀಪುರ, ಜ.22- ತಾಲೂಕಿನ ಹಳೆ ಕೆಂಪಯ್ಯನ ಹುಂಡಿ ಗ್ರಾಮದ ಗ್ರಾಮ ಪಂಚಾಯಿತಿ ಮಾಜಿ ಅಧ್ಯಕ್ಷರ ತಾಯಿ ಶಾರದಮ್ಮ (73) ಅವರು ವಯೋಸಹಜ ಕಾಯಿಲೆಯಿಂದ ನಿಧನರಾದರು. ಮೃತರು ಪುತ್ರ, ಪುತ್ರಿಯರು ಸೇರಿದಂತೆ ಅಪಾರ ಬಂಧು ಬಳಗವನ್ನು ಅಗಲಿದ್ದಾರೆ. ಮೃತರ ಅಂತ್ಯಕ್ರಿಯೆ ಸ್ವಗ್ರಾಮದಲ್ಲಿ ನೆರವೇರಿತು.
ತಿ.ನರಸೀಪುರ, ಜ.22- ತಾಲೂಕಿನ ಹಳೆ ಕೆಂಪಯ್ಯನ ಹುಂಡಿ ಗ್ರಾಮದ ಗ್ರಾಮ ಪಂಚಾಯಿತಿ ಮಾಜಿ ಅಧ್ಯಕ್ಷರ ತಾಯಿ ಶಾರದಮ್ಮ (73) ಅವರು ವಯೋಸಹಜ ಕಾಯಿಲೆಯಿಂದ ನಿಧನರಾದರು. ಮೃತರು ಪುತ್ರ, ಪುತ್ರಿಯರು ಸೇರಿದಂತೆ ಅಪಾರ ಬಂಧು ಬಳಗವನ್ನು ಅಗಲಿದ್ದಾರೆ. ಮೃತರ ಅಂತ್ಯಕ್ರಿಯೆ ಸ್ವಗ್ರಾಮದಲ್ಲಿ
ಪಂಚ ಗ್ಯಾರಂಟಿ ಯೋಜನೆಗಳು ಅರ್ಹರಿಗೆ ತಲುಪಲಿ
ಪಂಚ ಗ್ಯಾರಂಟಿ ಪ್ರಗತಿ ಪರಿಶೀಲನಾ ಸಭೆಯಲ್ಲಿ ಅಧ್ಯಕ್ಷರಿಂದ ತಾಕೀತು
ತಿ.ನರಸೀಪುರ, ಜ.22- ರಾಜ್ಯ ಸರ್ಕಾರದ ಪಂಚ ಗ್ಯಾರಂಟಿ ಯೋಜನೆಗಳು ಬಡ ಜನರ ಆರ್ಥಿಕ ಅಭಿವೃದ್ಧಿಗೆ ಸಹಕಾರಿಯಾಗಿದ್ದು, ಪ್ರತಿ ಫಲಾನುಭವಿಗೂ ಯೋಜನೆಗಳ ಸೌಲಭ್ಯ ತಲುಪಿಸುವಂತೆ ಅಧಿಕಾರಿಗಳು ಕ್ರಮ ವಹಿಸಬೇಕು ಎಂದು ತಾಲೂಕು ಪಂಚ ಗ್ಯಾರಂಟಿ ಯೋಜನೆಗಳ ಅನುಷ್ಠಾನ ಸಮಿತಿ ಅಧ್ಯಕ್ಷರು ತಾಕೀತು ಮಾಡಿದರು. ತಾಲೂಕು ಪಂಚಾಯಿತಿ ಸಭಾಂಗಣದಲ್ಲಿ ನಡೆದ ಪ್ರಗತಿ ಪರಿಶೀಲನಾ ಸಭೆಯಲ್ಲಿ ಮಾತನಾಡಿದ ಅವರು, ಗೃಹಲಕ್ಷ್ಮಿ, ಗೃಹಜ್ಯೋತಿ, ಅನ್ನಭಾಗ್ಯ, ಶಕ್ತಿ ಹಾಗೂ ಯುವನಿಧಿ ಯೋಜನೆಗಳ ಪ್ರಗತಿ ಕುರಿತು ಮಾಹಿತಿ ಪಡೆದರು. ತಾಲೂಕಿನಲ್ಲಿ ಗೃಹಲಕ್ಷ್ಮಿ ಯೋಜನೆಯಡಿ 79,177 ಮಂದಿ ನೋಂದಣಿಯಾಗಿದ್ದು ಬಹುತೇಕರಿಗೆ ಹಣ ಜಮೆಯಾಗಿದೆ. ತಾಂತ್ರಿಕ ಸಮಸ್ಯೆಯಿಂದ ಹಣ ಪಡೆಯದವರ ಪಟ್ಟಿ ಸಿದ್ಧಪಡಿಸಿ ಸಮಸ್ಯೆ ಬಗೆಹರಿಸಬೇಕು. ಅನ್ನಭಾಗ್ಯ ಯೋಜನೆಯಡಿ ಪಡಿತರ ವಿತರಣೆಯಲ್ಲಿ ಲೋಪವಾಗದಂತೆ ಎಚ್ಚರ ವಹಿಸಬೇಕು. ಶಕ್ತಿ ಯೋಜನೆಯಡಿ ಮಹಿಳೆಯರಿಗೆ ಹೆಚ್ಚುವರಿ ಬಸ್ ವ್ಯವಸ್ಥೆ ಕಲ್ಪಿಸಬೇಕು ಎಂದರು. ಸಭೆಯಲ್ಲಿ ಸಮಿತಿ ಸದಸ್ಯರು, ತಾ.ಪಂ. ಇಒ ಹಾಗೂ ವಿವಿಧ ಇಲಾಖೆ ಅಧಿಕಾರಿಗಳು ಹಾಜರಿದ್ದರು.
ಪ್ರಗತಿ ಪರಿಶೀಲನಾ ಸಭೆಯಲ್ಲಿ ಸಮಿತಿಯ ಅಧ್ಯಕ್ಷ ಎನ್.ಆರ್.ಕುಮಾರ್ ಮಾತನಾಡಿದರು.
ತಿ.ನರಸೀಪುರ, ಜ.22- ರಾಜ್ಯ ಸರ್ಕಾರದ ಪಂಚ ಗ್ಯಾರಂಟಿ ಯೋಜನೆಗಳು ಬಡ ಜನರ ಆರ್ಥಿಕ ಅಭಿವೃದ್ಧಿಗೆ ಸಹಕಾರಿಯಾಗಿದ್ದು, ಪ್ರತಿ ಫಲಾನುಭವಿಗೂ ಯೋಜನೆಗಳ ಸೌಲಭ್ಯ ತಲುಪಿಸುವಂತೆ ಅಧಿಕಾರಿಗಳು ಕ್ರಮ ವಹಿಸಬೇಕು ಎಂದು ತಾಲೂಕು ಪಂಚ ಗ್ಯಾರಂಟಿ ಯೋಜನೆಗಳ ಅನುಷ್ಠಾನ ಸಮಿತಿ ಅಧ್ಯಕ್ಷರು ತಾಕೀತು ಮಾಡಿದರು. ತಾಲೂಕು ಪಂಚಾಯಿತಿ ಸಭಾಂಗಣದಲ್ಲಿ ನಡೆದ ಪ್ರಗತಿ ಪರಿಶೀಲನಾ ಸಭೆಯಲ್ಲಿ ಮಾತನಾಡಿದ ಅವರು, ಗೃಹಲಕ್ಷ್ಮಿ, ಗೃಹಜ್ಯೋತಿ, ಅನ್ನಭಾಗ್ಯ, ಶಕ್ತಿ ಹಾಗೂ ಯುವನಿಧಿ ಯೋಜನೆಗಳ ಪ್ರಗತಿ ಕುರಿತು ಮಾಹಿತಿ ಪಡೆದರು. ತಾಲೂಕಿನಲ್ಲಿ ಗೃಹಲಕ್ಷ್ಮಿ ಯೋಜನೆಯಡಿ 79,177 ಮಂದಿ ನೋಂದಣಿಯಾಗಿದ್ದು ಬಹುತೇಕರಿಗೆ ಹಣ ಜಮೆಯಾಗಿದೆ. ತಾಂತ್ರಿಕ ಸಮಸ್ಯೆಯಿಂದ ಹಣ ಪಡೆಯದವರ ಪಟ್ಟಿ ಸಿದ್ಧಪಡಿಸಿ ಸಮಸ್ಯೆ ಬಗೆಹರಿಸಬೇಕು. ಅನ್ನಭಾಗ್ಯ ಯೋಜನೆಯಡಿ ಪಡಿತರ ವಿತರಣೆಯಲ್ಲಿ ಲೋಪವಾಗದಂತೆ ಎಚ್ಚರ ವಹಿಸಬೇಕು. ಶಕ್ತಿ ಯೋಜನೆಯಡಿ ಮಹಿಳೆಯರಿಗೆ ಹೆಚ್ಚುವರಿ ಬಸ್ ವ್ಯವಸ್ಥೆ ಕಲ್ಪಿಸಬೇಕು ಎಂದರು. ಸಭೆಯಲ್ಲಿ ಸಮಿತಿ ಸದಸ್ಯರು, ತಾ.ಪಂ. ಇಒ ಹಾಗೂ ವಿವಿಧ ಇಲಾಖೆ ಅಧಿಕಾರಿಗಳು
ತಿ.ನರಸೀಪುರ, ಜ.22- ರಾಜ್ಯ ಸರ್ಕಾರದ ಪಂಚ ಗ್ಯಾರಂಟಿ ಯೋಜನೆಗಳು ಬಡ ಜನರ ಆರ್ಥಿಕ ಅಭಿವೃದ್ಧಿಗೆ ಸಹಕಾರಿಯಾಗಿದ್ದು, ಪ್ರತಿ ಫಲಾನುಭವಿಗೂ ಯೋಜನೆಗಳ ಸೌಲಭ್ಯ ತಲುಪಿಸುವಂತೆ ಅಧಿಕಾರಿಗಳು ಕ್ರಮ ವಹಿಸಬೇಕು ಎಂದು ತಾಲೂಕು ಪಂಚ ಗ್ಯಾರಂಟಿ ಯೋಜನೆಗಳ ಅನುಷ್ಠಾನ ಸಮಿತಿ ಅಧ್ಯಕ್ಷರು ತಾಕೀತು ಮಾಡಿದರು. ತಾಲೂಕು ಪಂಚಾಯಿತಿ ಸಭಾಂಗಣದಲ್ಲಿ ನಡೆದ ಪ್ರಗತಿ ಪರಿಶೀಲನಾ ಸಭೆಯಲ್ಲಿ ಮಾತನಾಡಿದ ಅವರು, ಗೃಹಲಕ್ಷ್ಮಿ, ಗೃಹಜ್ಯೋತಿ, ಅನ್ನಭಾಗ್ಯ, ಶಕ್ತಿ ಹಾಗೂ ಯುವನಿಧಿ ಯೋಜನೆಗಳ ಪ್ರಗತಿ ಕುರಿತು ಮಾಹಿತಿ ಪಡೆದರು. ತಾಲೂಕಿನಲ್ಲಿ ಗೃಹಲಕ್ಷ್ಮಿ ಯೋಜನೆಯಡಿ 79,177 ಮಂದಿ ನೋಂದಣಿಯಾಗಿದ್ದು ಬಹುತೇಕರಿಗೆ ಹಣ ಜಮೆಯಾಗಿದೆ. ತಾಂತ್ರಿಕ ಸಮಸ್ಯೆಯಿಂದ ಹಣ ಪಡೆಯದವರ ಪಟ್ಟಿ ಸಿದ್ಧಪಡಿಸಿ ಸಮಸ್ಯೆ ಬಗೆಹರಿಸಬೇಕು. ಅನ್ನಭಾಗ್ಯ ಯೋಜನೆಯಡಿ ಪಡಿತರ ವಿತರಣೆಯಲ್ಲಿ ಲೋಪವಾಗದಂತೆ ಎಚ್ಚರ ವಹಿಸಬೇಕು. ಶಕ್ತಿ ಯೋಜನೆಯಡಿ ಮಹಿಳೆಯರಿಗೆ ಹೆಚ್ಚುವರಿ ಬಸ್ ವ್ಯವಸ್ಥೆ ಕಲ್ಪಿಸಬೇಕು ಎಂದರು. ಸಭೆಯಲ್ಲಿ ಸಮಿತಿ ಸದಸ್ಯರು, ತಾ.ಪಂ. ಇಒ ಹಾಗೂ ವಿವಿಧ ಇಲಾಖೆ ಅಧಿಕಾರಿಗಳು ಹಾಜರಿದ್ದರು.
ತಿ.ನರಸೀಪುರ, ಜ.22- ರಾಜ್ಯ ಸರ್ಕಾರದ ಪಂಚ ಗ್ಯಾರಂಟಿ ಯೋಜನೆಗಳು ಬಡ ಜನರ ಆರ್ಥಿಕ ಅಭಿವೃದ್ಧಿಗೆ ಸಹಕಾರಿಯಾಗಿದ್ದು, ಪ್ರತಿ ಫಲಾನುಭವಿಗೂ ಯೋಜನೆಗಳ ಸೌಲಭ್ಯ ತಲುಪಿಸುವಂತೆ ಅಧಿಕಾರಿಗಳು ಕ್ರಮ ವಹಿಸಬೇಕು ಎಂದು ತಾಲೂಕು ಪಂಚ ಗ್ಯಾರಂಟಿ ಯೋಜನೆಗಳ ಅನುಷ್ಠಾನ ಸಮಿತಿ ಅಧ್ಯಕ್ಷರು ತಾಕೀತು ಮಾಡಿದರು. ತಾಲೂಕು ಪಂಚಾಯಿತಿ ಸಭಾಂಗಣದಲ್ಲಿ ನಡೆದ ಪ್ರಗತಿ ಪರಿಶೀಲನಾ ಸಭೆಯಲ್ಲಿ ಮಾತನಾಡಿದ ಅವರು, ಗೃಹಲಕ್ಷ್ಮಿ, ಗೃಹಜ್ಯೋತಿ, ಅನ್ನಭಾಗ್ಯ, ಶಕ್ತಿ ಹಾಗೂ ಯುವನಿಧಿ ಯೋಜನೆಗಳ ಪ್ರಗತಿ ಕುರಿತು ಮಾಹಿತಿ ಪಡೆದರು. ತಾಲೂಕಿನಲ್ಲಿ ಗೃಹಲಕ್ಷ್ಮಿ ಯೋಜನೆಯಡಿ 79,177 ಮಂದಿ ನೋಂದಣಿಯಾಗಿದ್ದು ಬಹುತೇಕರಿಗೆ ಹಣ ಜಮೆಯಾಗಿದೆ. ತಾಂತ್ರಿಕ ಸಮಸ್ಯೆಯಿಂದ ಹಣ ಪಡೆಯದವರ ಪಟ್ಟಿ ಸಿದ್ಧಪಡಿಸಿ ಸಮಸ್ಯೆ ಬಗೆಹರಿಸಬೇಕು. ಅನ್ನಭಾಗ್ಯ ಯೋಜನೆಯಡಿ ಪಡಿತರ ವಿತರಣೆಯಲ್ಲಿ ಲೋಪವಾಗದಂತೆ ಎಚ್ಚರ ವಹಿಸಬೇಕು. ಶಕ್ತಿ ಯೋಜನೆಯಡಿ ಮಹಿಳೆಯರಿಗೆ ಹೆಚ್ಚುವರಿ ಬಸ್ ವ್ಯವಸ್ಥೆ ಕಲ್ಪಿಸಬೇಕು ಎಂದರು. ಸಭೆಯಲ್ಲಿ ಸಮಿತಿ ಸದಸ್ಯರು, ತಾ.ಪಂ. ಇಒ ಹಾಗೂ ವಿವಿಧ ಇಲಾಖೆ ಅಧಿಕಾರಿಗಳು ಹಾಜರಿದ್ದರು.
ತಿ.ನರಸೀಪುರ, ಜ.22- ರಾಜ್ಯ ಸರ್ಕಾರದ ಪಂಚ ಗ್ಯಾರಂಟಿ ಯೋಜನೆಗಳು ಬಡ ಜನರ ಆರ್ಥಿಕ ಅಭಿವೃದ್ಧಿಗೆ ಸಹಕಾರಿಯಾಗಿದ್ದು, ಪ್ರತಿ ಫಲಾನುಭವಿಗೂ ಯೋಜನೆಗಳ ಸೌಲಭ್ಯ ತಲುಪಿಸುವಂತೆ ಅಧಿಕಾರಿಗಳು ಕ್ರಮ ವಹಿಸಬೇಕು ಎಂದು ತಾಲೂಕು ಪಂಚ ಗ್ಯಾರಂಟಿ ಯೋಜನೆಗಳ ಅನುಷ್ಠಾನ ಸಮಿತಿ ಅಧ್ಯಕ್ಷರು ತಾಕೀತು ಮಾಡಿದರು. ತಾಲೂಕು ಪಂಚಾಯಿತಿ ಸಭಾಂಗಣದಲ್ಲಿ ನಡೆದ ಪ್ರಗತಿ ಪರಿಶೀಲನಾ ಸಭೆಯಲ್ಲಿ ಮಾತನಾಡಿದ ಅವರು, ಗೃಹಲಕ್ಷ್ಮಿ, ಗೃಹಜ್ಯೋತಿ, ಅನ್ನಭಾಗ್ಯ, ಶಕ್ತಿ ಹಾಗೂ ಯುವನಿಧಿ ಯೋಜನೆಗಳ ಪ್ರಗತಿ ಕುರಿತು ಮಾಹಿತಿ ಪಡೆದರು. ತಾಲೂಕಿನಲ್ಲಿ ಗೃಹಲಕ್ಷ್ಮಿ ಯೋಜನೆಯಡಿ 79,177 ಮಂದಿ ನೋಂದಣಿಯಾಗಿದ್ದು ಬಹುತೇಕರಿಗೆ ಹಣ ಜಮೆಯಾಗಿದೆ. ತಾಂತ್ರಿಕ ಸಮಸ್ಯೆಯಿಂದ ಹಣ ಪಡೆಯದವರ ಪಟ್ಟಿ ಸಿದ್ಧಪಡಿಸಿ ಸಮಸ್ಯೆ ಬಗೆಹರಿಸಬೇಕು. ಅನ್ನಭಾಗ್ಯ ಯೋಜನೆಯಡಿ ಪಡಿತರ ವಿತರಣೆಯಲ್ಲಿ ಲೋಪವಾಗದಂತೆ ಎಚ್ಚರ ವಹಿಸಬೇಕು. ಶಕ್ತಿ ಯೋಜನೆಯಡಿ ಮಹಿಳೆಯರಿಗೆ ಹೆಚ್ಚುವರಿ ಬಸ್ ವ್ಯವಸ್ಥೆ ಕಲ್ಪಿಸಬೇಕು ಎಂದರು. ಸಭೆಯಲ್ಲಿ ಸಮಿತಿ ಸದಸ್ಯರು, ತಾ.ಪಂ. ಇಒ ಹಾಗೂ ವಿವಿಧ ಇಲಾಖೆ ಅಧಿಕಾರಿಗಳು ಹಾಜರಿದ್ದರು.
